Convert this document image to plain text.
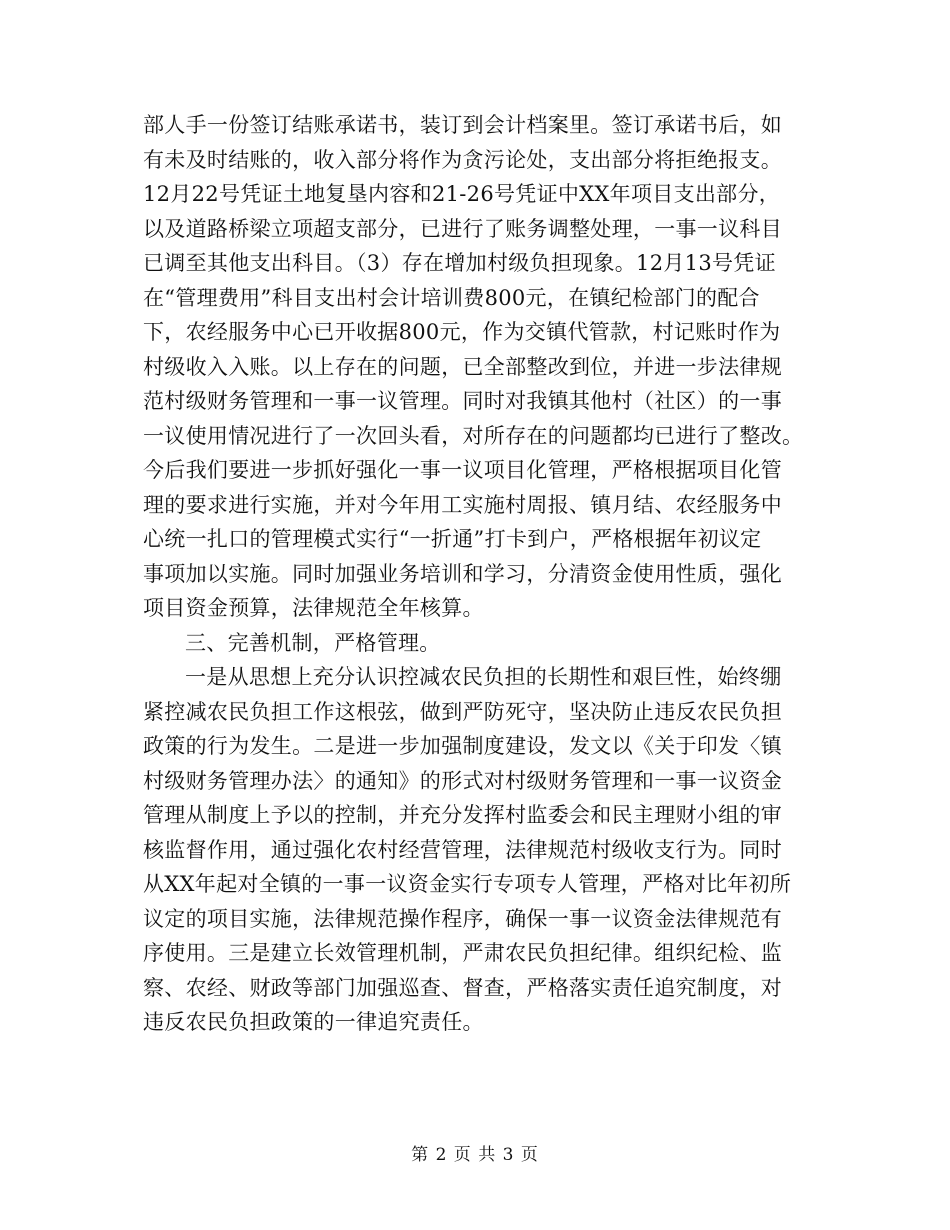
部人手一份签订结账承诺书，装订到会计档案里。签订承诺书后，如
有未及时结账的，收入部分将作为贪污论处，支出部分将拒绝报支。
12月22号凭证土地复垦内容和21-26号凭证中XX年项目支出部分，
以及道路桥梁立项超支部分，已进行了账务调整处理，一事一议科目
已调至其他支出科目。（3）存在增加村级负担现象。12月13号凭证
在“管理费用”科目支出村会计培训费800元，在镇纪检部门的配合
下，农经服务中心已开收据800元，作为交镇代管款，村记账时作为
村级收入入账。以上存在的问题，已全部整改到位，并进一步法律规
范村级财务管理和一事一议管理。同时对我镇其他村（社区）的一事
一议使用情况进行了一次回头看，对所存在的问题都均已进行了整改。
今后我们要进一步抓好强化一事一议项目化管理，严格根据项目化管
理的要求进行实施，并对今年用工实施村周报、镇月结、农经服务中
心统一扎口的管理模式实行“一折通”打卡到户，严格根据年初议定
事项加以实施。同时加强业务培训和学习，分清资金使用性质，强化
项目资金预算，法律规范全年核算。
三、完善机制，严格管理。
一是从思想上充分认识控减农民负担的长期性和艰巨性，始终绷
紧控减农民负担工作这根弦，做到严防死守，坚决防止违反农民负担
政策的行为发生。二是进一步加强制度建设，发文以《关于印发〈镇
村级财务管理办法〉的通知》的形式对村级财务管理和一事一议资金
管理从制度上予以的控制，并充分发挥村监委会和民主理财小组的审
核监督作用，通过强化农村经营管理，法律规范村级收支行为。同时
从XX年起对全镇的一事一议资金实行专项专人管理，严格对比年初所
议定的项目实施，法律规范操作程序，确保一事一议资金法律规范有
序使用。三是建立长效管理机制，严肃农民负担纪律。组织纪检、监
察、农经、财政等部门加强巡查、督查，严格落实责任追究制度，对
违反农民负担政策的一律追究责任。
第 2 页 共 3 页
